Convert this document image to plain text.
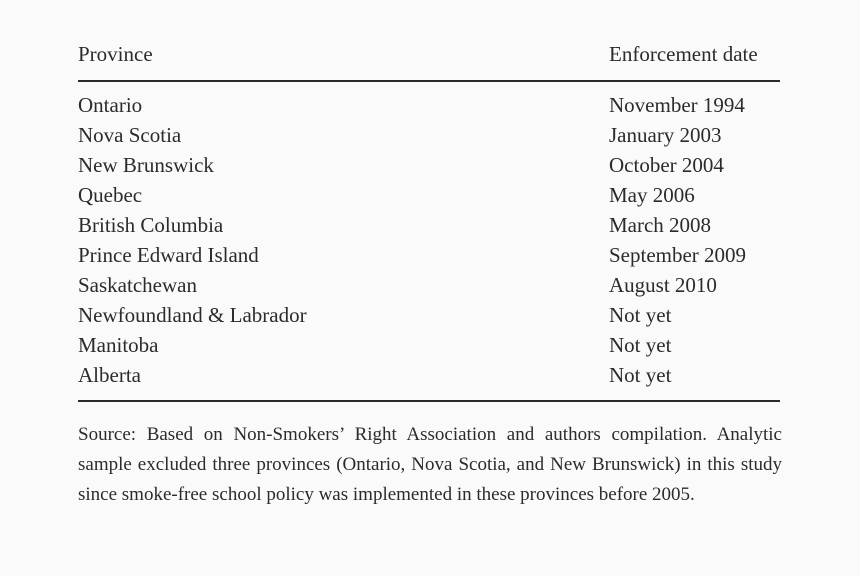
Province	Enforcement date
Ontario	November 1994
Nova Scotia	January 2003
New Brunswick	October 2004
Quebec	May 2006
British Columbia	March 2008
Prince Edward Island	September 2009
Saskatchewan	August 2010
Newfoundland & Labrador	Not yet
Manitoba	Not yet
Alberta	Not yet

Source: Based on Non-Smokers’ Right Association and authors compilation. Analytic sample excluded three provinces (Ontario, Nova Scotia, and New Brunswick) in this study since smoke-free school policy was implemented in these provinces before 2005.
